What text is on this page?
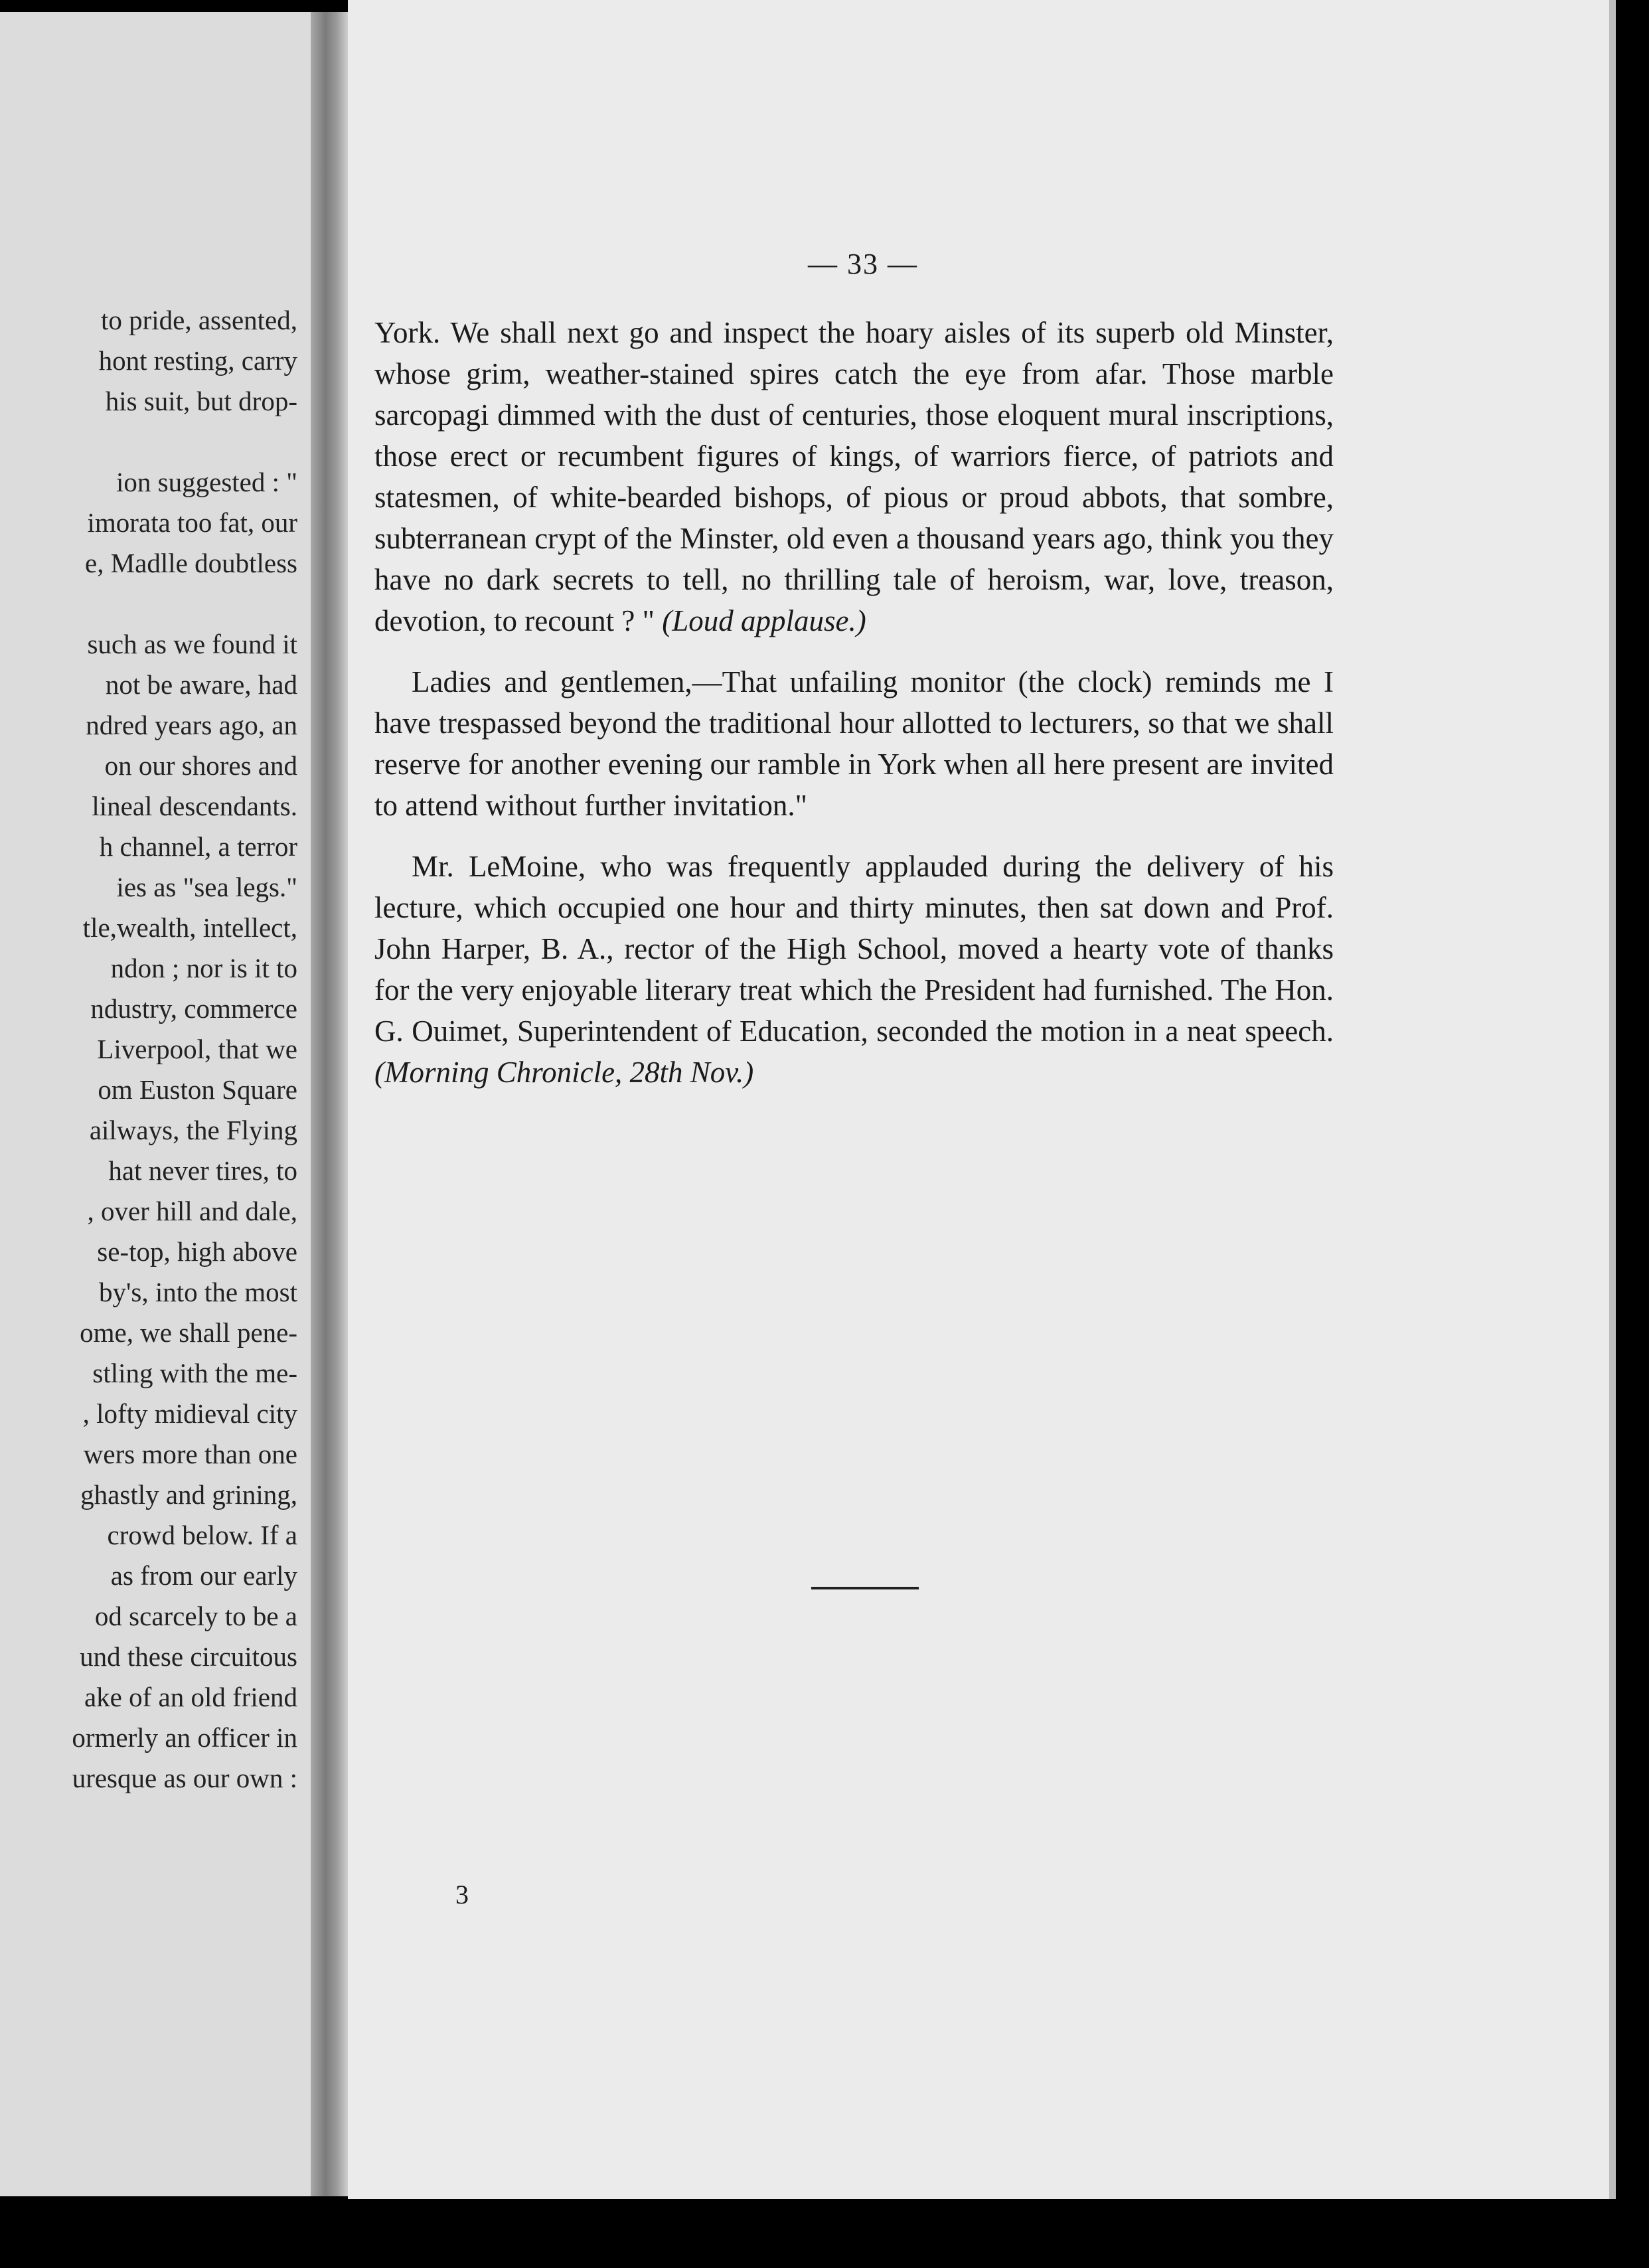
to pride, assented,
hont resting, carry
his suit, but drop-
ion suggested : "
imorata too fat, our
e, Madlle doubtless
such as we found it
not be aware, had
ndred years ago, an
on our shores and
lineal descendants.
h channel, a terror
ies as "sea legs."
tle,wealth, intellect,
ndon ; nor is it to
ndustry, commerce
Liverpool, that we
om Euston Square
ailways, the Flying
hat never tires, to
, over hill and dale,
se-top, high above
by's, into the most
ome, we shall pene-
stling with the me-
, lofty midieval city
wers more than one
ghastly and grining,
crowd below. If a
as from our early
od scarcely to be a
und these circuitous
ake of an old friend
ormerly an officer in
uresque as our own :
— 33 —

York. We shall next go and inspect the hoary aisles of its superb old Minster, whose grim, weather-stained spires catch the eye from afar. Those marble sarcopagi dimmed with the dust of centuries, those eloquent mural inscriptions, those erect or recumbent figures of kings, of warriors fierce, of patriots and statesmen, of white-bearded bishops, of pious or proud abbots, that sombre, subterranean crypt of the Minster, old even a thousand years ago, think you they have no dark secrets to tell, no thrilling tale of heroism, war, love, treason, devotion, to recount ? " (Loud applause.)

Ladies and gentlemen,—That unfailing monitor (the clock) reminds me I have trespassed beyond the traditional hour allotted to lecturers, so that we shall reserve for another evening our ramble in York when all here present are invited to attend without further invitation."

Mr. LeMoine, who was frequently applauded during the delivery of his lecture, which occupied one hour and thirty minutes, then sat down and Prof. John Harper, B. A., rector of the High School, moved a hearty vote of thanks for the very enjoyable literary treat which the President had furnished. The Hon. G. Ouimet, Superintendent of Education, seconded the motion in a neat speech. (Morning Chronicle, 28th Nov.)

3
